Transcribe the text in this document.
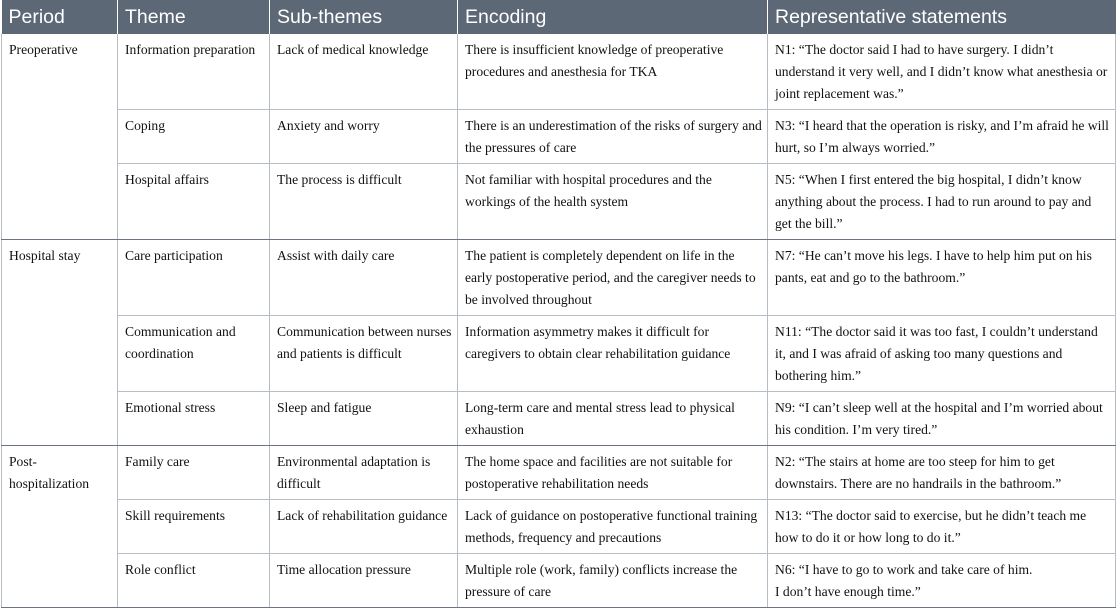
Period	Theme	Sub-themes	Encoding	Representative statements
Preoperative	Information preparation	Lack of medical knowledge	There is insufficient knowledge of preoperative procedures and anesthesia for TKA	N1: “The doctor said I had to have surgery. I didn’t understand it very well, and I didn’t know what anesthesia or joint replacement was.”
	Coping	Anxiety and worry	There is an underestimation of the risks of surgery and the pressures of care	N3: “I heard that the operation is risky, and I’m afraid he will hurt, so I’m always worried.”
	Hospital affairs	The process is difficult	Not familiar with hospital procedures and the workings of the health system	N5: “When I first entered the big hospital, I didn’t know anything about the process. I had to run around to pay and get the bill.”
Hospital stay	Care participation	Assist with daily care	The patient is completely dependent on life in the early postoperative period, and the caregiver needs to be involved throughout	N7: “He can’t move his legs. I have to help him put on his pants, eat and go to the bathroom.”
	Communication and coordination	Communication between nurses and patients is difficult	Information asymmetry makes it difficult for caregivers to obtain clear rehabilitation guidance	N11: “The doctor said it was too fast, I couldn’t understand it, and I was afraid of asking too many questions and bothering him.”
	Emotional stress	Sleep and fatigue	Long-term care and mental stress lead to physical exhaustion	N9: “I can’t sleep well at the hospital and I’m worried about his condition. I’m very tired.”
Post-hospitalization	Family care	Environmental adaptation is difficult	The home space and facilities are not suitable for postoperative rehabilitation needs	N2: “The stairs at home are too steep for him to get downstairs. There are no handrails in the bathroom.”
	Skill requirements	Lack of rehabilitation guidance	Lack of guidance on postoperative functional training methods, frequency and precautions	N13: “The doctor said to exercise, but he didn’t teach me how to do it or how long to do it.”
	Role conflict	Time allocation pressure	Multiple role (work, family) conflicts increase the pressure of care	N6: “I have to go to work and take care of him.
I don’t have enough time.”
